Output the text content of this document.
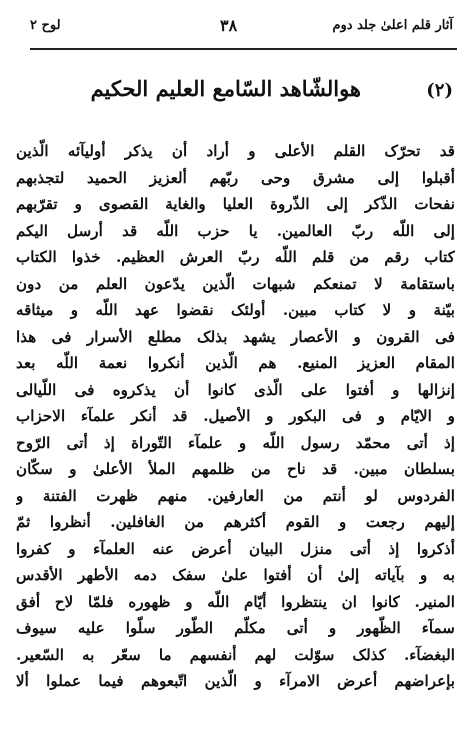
لوح ٢	٣٨	آثار قلم اعلیٰ جلد دوم
(٢)
هوالشّاهد السّامع العليم الحكيم
قد تحرّک القلم الأعلى و أراد أن يذكر أوليآئه الّذين
أقبلوا إلى مشرق وحى ربّهم ألعزيز الحميد لتجذبهم
نفحات الذّكر إلى الذّروة العليا والغاية القصوى و تقرّبهم
إلى اللّه ربّ العالمين. يا حزب اللّه قد أرسل اليكم
كتاب رقم من قلم اللّه ربّ العرش العظيم. خذوا الكتاب
باستقامة لا تمنعكم شبهات الّذين يدّعون العلم من دون
بيّنة و لا كتاب مبين. أولئک نقضوا عهد اللّه و ميثاقه
فی القرون و الأعصار يشهد بذلک مطلع الأسرار فی هذا
المقام العزيز المنيع. هم الّذين أنكروا نعمة اللّه بعد
إنزالها و أفتوا على الّذى كانوا أن يذكروه فی اللّيالی
و الايّام و فی البكور و الأصيل. قد أنكر علمآء الاحزاب
إذ أتى محمّد رسول اللّه و علمآء التّوراة إذ أتى الرّوح
بسلطان مبين. قد ناح من ظلمهم الملأ الأعلىٰ و سكّان
الفردوس لو أنتم من العارفين. منهم ظهرت الفتنة و
إليهم رجعت و القوم أكثرهم من الغافلين. أنظروا ثمّ
أذكروا إذ أتى منزل البيان أعرض عنه العلمآء و كفروا
به و بآياته إلىٰ أن أفتوا علىٰ سفک دمه الأطهر الأقدس
المنير. كانوا ان ينتظروا أيّام اللّه و ظهوره فلمّا لاح أفق
سمآء الظّهور و أتى مكلّم الطّور سلّوا عليه سيوف
البغضآء. كذلک سوّلت لهم أنفسهم ما سعّر به السّعير.
بإعراضهم أعرض الامرآء و الّذين اتّبعوهم فيما عملوا ألا
